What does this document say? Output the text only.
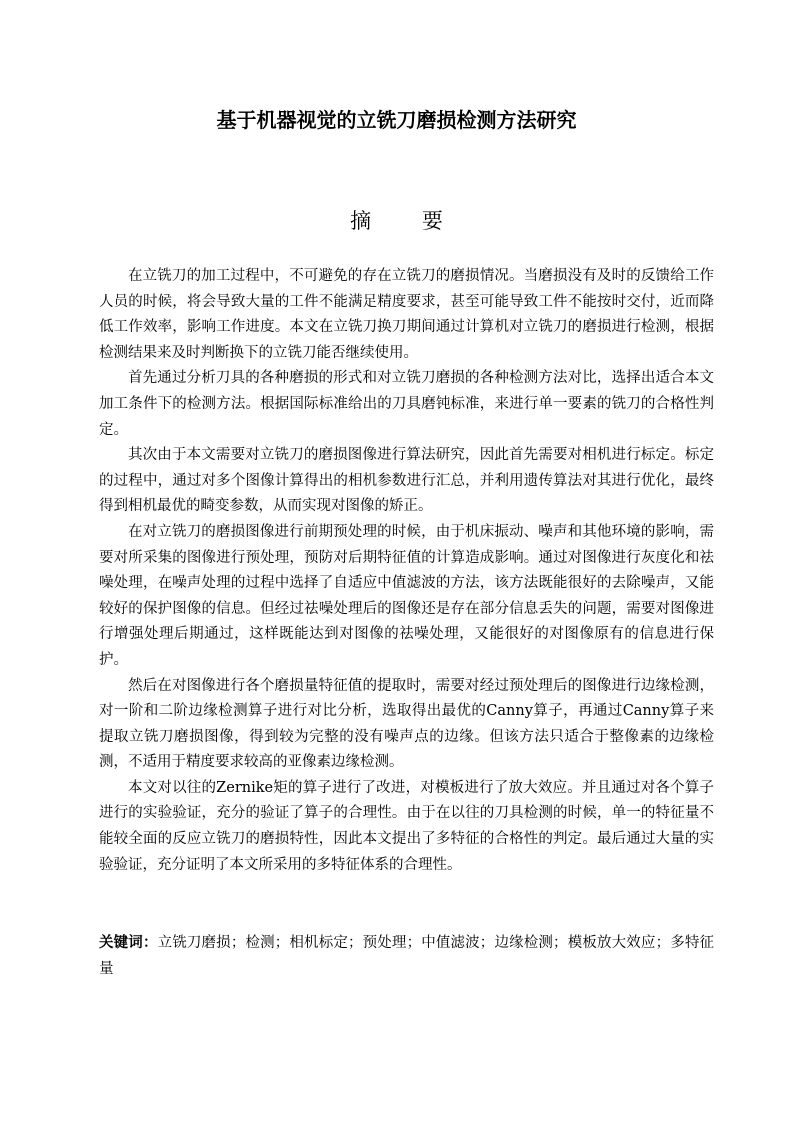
基于机器视觉的立铣刀磨损检测方法研究
摘 要

在立铣刀的加工过程中，不可避免的存在立铣刀的磨损情况。当磨损没有及时的反馈给工作人员的时候，将会导致大量的工件不能满足精度要求，甚至可能导致工件不能按时交付，近而降低工作效率，影响工作进度。本文在立铣刀换刀期间通过计算机对立铣刀的磨损进行检测，根据检测结果来及时判断换下的立铣刀能否继续使用。

首先通过分析刀具的各种磨损的形式和对立铣刀磨损的各种检测方法对比，选择出适合本文加工条件下的检测方法。根据国际标准给出的刀具磨钝标准，来进行单一要素的铣刀的合格性判定。

其次由于本文需要对立铣刀的磨损图像进行算法研究，因此首先需要对相机进行标定。标定的过程中，通过对多个图像计算得出的相机参数进行汇总，并利用遗传算法对其进行优化，最终得到相机最优的畸变参数，从而实现对图像的矫正。

在对立铣刀的磨损图像进行前期预处理的时候，由于机床振动、噪声和其他环境的影响，需要对所采集的图像进行预处理，预防对后期特征值的计算造成影响。通过对图像进行灰度化和祛噪处理，在噪声处理的过程中选择了自适应中值滤波的方法，该方法既能很好的去除噪声，又能较好的保护图像的信息。但经过祛噪处理后的图像还是存在部分信息丢失的问题，需要对图像进行增强处理后期通过，这样既能达到对图像的祛噪处理，又能很好的对图像原有的信息进行保护。

然后在对图像进行各个磨损量特征值的提取时，需要对经过预处理后的图像进行边缘检测，对一阶和二阶边缘检测算子进行对比分析，选取得出最优的Canny算子，再通过Canny算子来提取立铣刀磨损图像，得到较为完整的没有噪声点的边缘。但该方法只适合于整像素的边缘检测，不适用于精度要求较高的亚像素边缘检测。

本文对以往的Zernike矩的算子进行了改进，对模板进行了放大效应。并且通过对各个算子进行的实验验证，充分的验证了算子的合理性。由于在以往的刀具检测的时候，单一的特征量不能较全面的反应立铣刀的磨损特性，因此本文提出了多特征的合格性的判定。最后通过大量的实验验证，充分证明了本文所采用的多特征体系的合理性。

关键词：立铣刀磨损；检测；相机标定；预处理；中值滤波；边缘检测；模板放大效应；多特征量
